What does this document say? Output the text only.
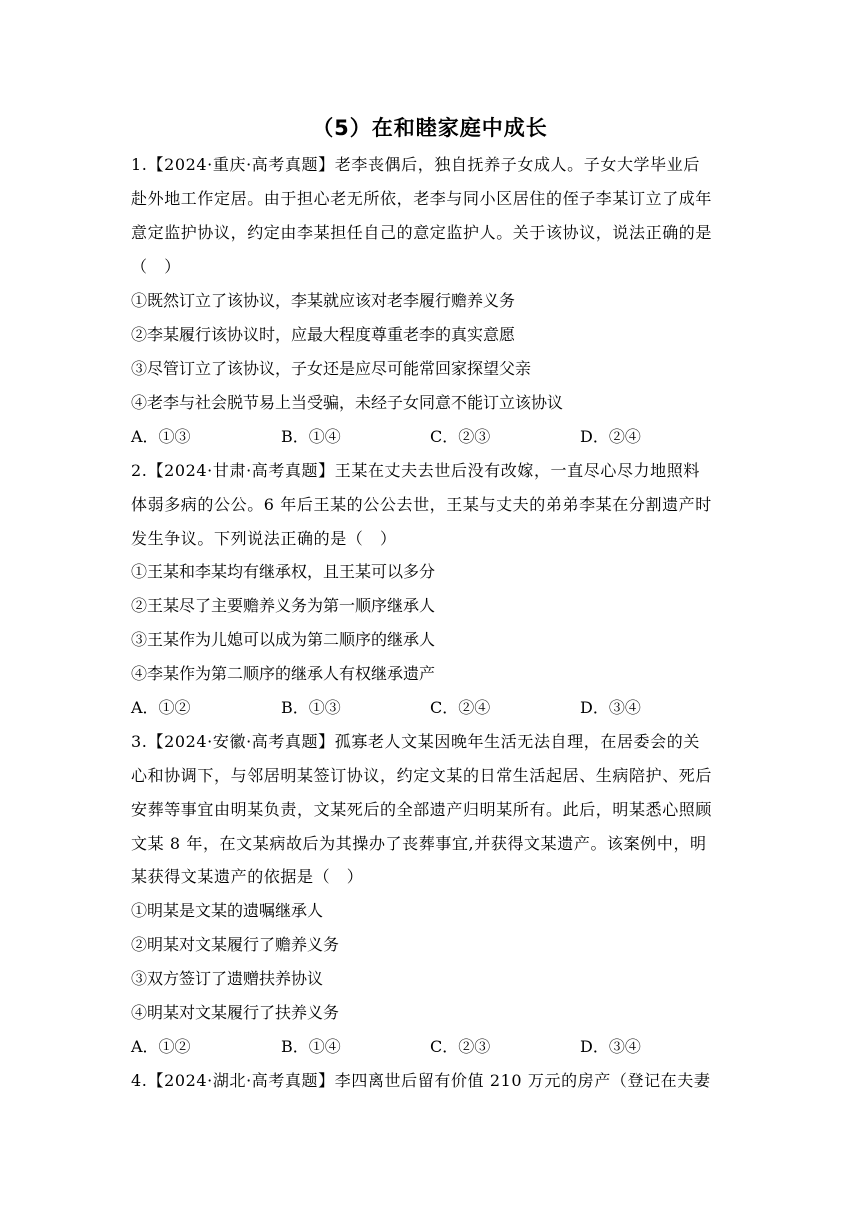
（5）在和睦家庭中成长
1.【2024·重庆·高考真题】老李丧偶后，独自抚养子女成人。子女大学毕业后
赴外地工作定居。由于担心老无所依，老李与同小区居住的侄子李某订立了成年
意定监护协议，约定由李某担任自己的意定监护人。关于该协议，说法正确的是
（　）
①既然订立了该协议，李某就应该对老李履行赡养义务
②李某履行该协议时，应最大程度尊重老李的真实意愿
③尽管订立了该协议，子女还是应尽可能常回家探望父亲
④老李与社会脱节易上当受骗，未经子女同意不能订立该协议
A．①③	B．①④	C．②③	D．②④
2.【2024·甘肃·高考真题】王某在丈夫去世后没有改嫁，一直尽心尽力地照料
体弱多病的公公。6 年后王某的公公去世，王某与丈夫的弟弟李某在分割遗产时
发生争议。下列说法正确的是（　）
①王某和李某均有继承权，且王某可以多分
②王某尽了主要赡养义务为第一顺序继承人
③王某作为儿媳可以成为第二顺序的继承人
④李某作为第二顺序的继承人有权继承遗产
A．①②	B．①③	C．②④	D．③④
3.【2024·安徽·高考真题】孤寡老人文某因晚年生活无法自理，在居委会的关
心和协调下，与邻居明某签订协议，约定文某的日常生活起居、生病陪护、死后
安葬等事宜由明某负责，文某死后的全部遗产归明某所有。此后，明某悉心照顾
文某 8 年，在文某病故后为其操办了丧葬事宜,并获得文某遗产。该案例中，明
某获得文某遗产的依据是（　）
①明某是文某的遗嘱继承人
②明某对文某履行了赡养义务
③双方签订了遗赠扶养协议
④明某对文某履行了扶养义务
A．①②	B．①④	C．②③	D．③④
4.【2024·湖北·高考真题】李四离世后留有价值 210 万元的房产（登记在夫妻
